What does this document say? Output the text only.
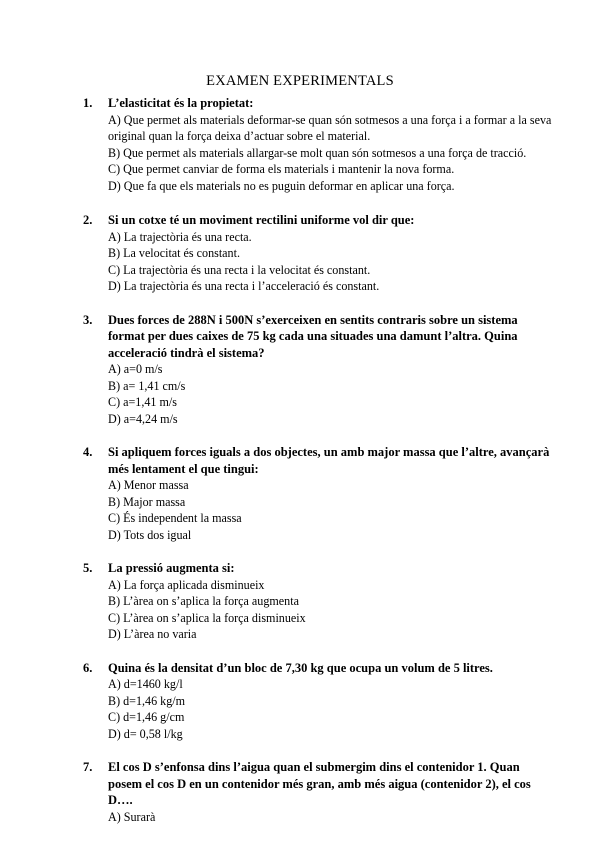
EXAMEN EXPERIMENTALS
1.	L’elasticitat és la propietat:

A) Que permet als materials deformar-se quan són sotmesos a una força i a formar a la seva original quan la força deixa d’actuar sobre el material.
B) Que permet als materials allargar-se molt quan són sotmesos a una força de tracció.
C) Que permet canviar de forma els materials i mantenir la nova forma.
D) Que fa que els materials no es puguin deformar en aplicar una força.
2.	Si un cotxe té un moviment rectilini uniforme vol dir que:

A) La trajectòria és una recta.
B) La velocitat és constant.
C) La trajectòria és una recta i la velocitat és constant.
D) La trajectòria és una recta i l’acceleració és constant.
3.	Dues forces de 288N i 500N s’exerceixen en sentits contraris sobre un sistema format per dues caixes de 75 kg cada una situades una damunt l’altra. Quina acceleració tindrà el sistema?

A) a=0 m/s
B) a= 1,41 cm/s
C) a=1,41 m/s
D) a=4,24 m/s
4.	Si apliquem forces iguals a dos objectes, un amb major massa que l’altre, avançarà més lentament el que tingui:

A) Menor massa
B) Major massa
C) És independent la massa
D) Tots dos igual
5.	La pressió augmenta si:

A) La força aplicada disminueix
B) L’àrea on s’aplica la força augmenta
C) L’àrea on s’aplica la força disminueix
D) L’àrea no varia
6.	Quina és la densitat d’un bloc de 7,30 kg que ocupa un volum de 5 litres.

A) d=1460 kg/l
B) d=1,46 kg/m
C) d=1,46 g/cm
D) d= 0,58 l/kg
7.	El cos D s’enfonsa dins l’aigua quan el submergim dins el contenidor 1. Quan posem el cos D en un contenidor més gran, amb més aigua (contenidor 2), el cos D….

A) Surarà
